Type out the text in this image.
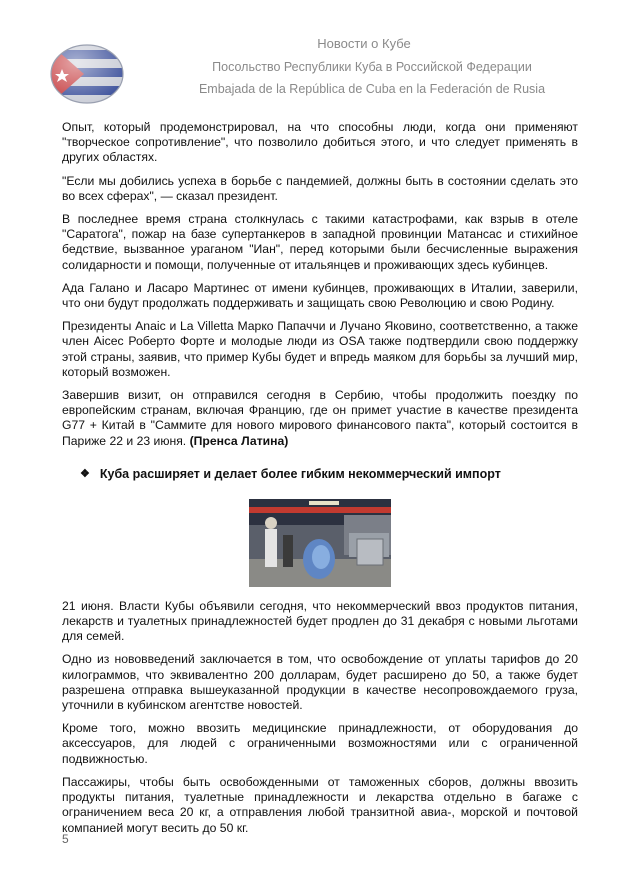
Новости о Кубе
Посольство Республики Куба в Российской Федерации
Embajada de la República de Cuba en la Federación de Rusia

Опыт, который продемонстрировал, на что способны люди, когда они применяют "творческое сопротивление", что позволило добиться этого, и что следует применять в других областях.

"Если мы добились успеха в борьбе с пандемией, должны быть в состоянии сделать это во всех сферах", — сказал президент.

В последнее время страна столкнулась с такими катастрофами, как взрыв в отеле "Саратога", пожар на базе супертанкеров в западной провинции Матансас и стихийное бедствие, вызванное ураганом "Иан", перед которыми были бесчисленные выражения солидарности и помощи, полученные от итальянцев и проживающих здесь кубинцев.

Ада Галано и Ласаро Мартинес от имени кубинцев, проживающих в Италии, заверили, что они будут продолжать поддерживать и защищать свою Революцию и свою Родину.

Президенты Anaic и La Villetta Марко Папаччи и Лучано Яковино, соответственно, а также член Aicec Роберто Форте и молодые люди из OSA также подтвердили свою поддержку этой страны, заявив, что пример Кубы будет и впредь маяком для борьбы за лучший мир, который возможен.

Завершив визит, он отправился сегодня в Сербию, чтобы продолжить поездку по европейским странам, включая Францию, где он примет участие в качестве президента G77 + Китай в "Саммите для нового мирового финансового пакта", который состоится в Париже 22 и 23 июня. (Пренса Латина)

❖ Куба расширяет и делает более гибким некоммерческий импорт

21 июня. Власти Кубы объявили сегодня, что некоммерческий ввоз продуктов питания, лекарств и туалетных принадлежностей будет продлен до 31 декабря с новыми льготами для семей.

Одно из нововведений заключается в том, что освобождение от уплаты тарифов до 20 килограммов, что эквивалентно 200 долларам, будет расширено до 50, а также будет разрешена отправка вышеуказанной продукции в качестве несопровождаемого груза, уточнили в кубинском агентстве новостей.

Кроме того, можно ввозить медицинские принадлежности, от оборудования до аксессуаров, для людей с ограниченными возможностями или с ограниченной подвижностью.

Пассажиры, чтобы быть освобожденными от таможенных сборов, должны ввозить продукты питания, туалетные принадлежности и лекарства отдельно в багаже с ограничением веса 20 кг, а отправления любой транзитной авиа-, морской и почтовой компанией могут весить до 50 кг.

5
